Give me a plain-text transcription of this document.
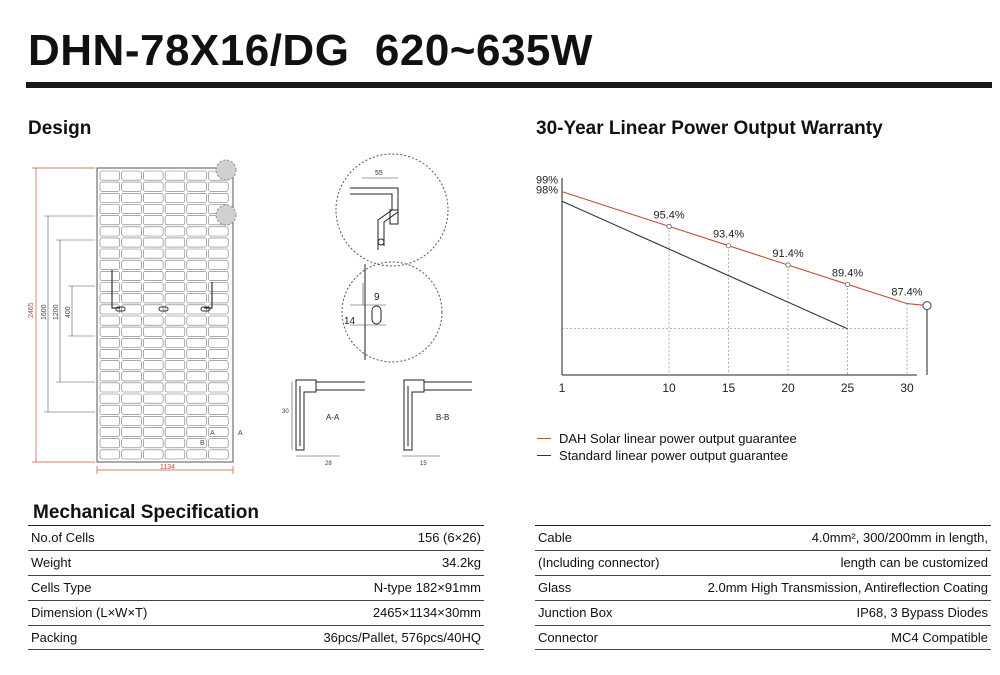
DHN-78X16/DG  620~635W
Design	30-Year Linear Power Output Warranty
A	A
B
2465 1600 1200 400
1134
55
9
14
A-A
30
28
B-B
15
99%
95.4%
93.4%
91.4%
89.4%
87.4%
98%
1	10	15	20	25	30
DAH Solar linear power output guarantee
Standard linear power output guarantee
Mechanical Specification
No.of Cells	156 (6×26)
Weight	34.2kg
Cells Type	N-type 182×91mm
Dimension (L×W×T)	2465×1134×30mm
Packing	36pcs/Pallet, 576pcs/40HQ
Cable	4.0mm², 300/200mm in length,
(Including connector)	length can be customized
Glass	2.0mm High Transmission, Antireflection Coating
Junction Box	IP68, 3 Bypass Diodes
Connector	MC4 Compatible
